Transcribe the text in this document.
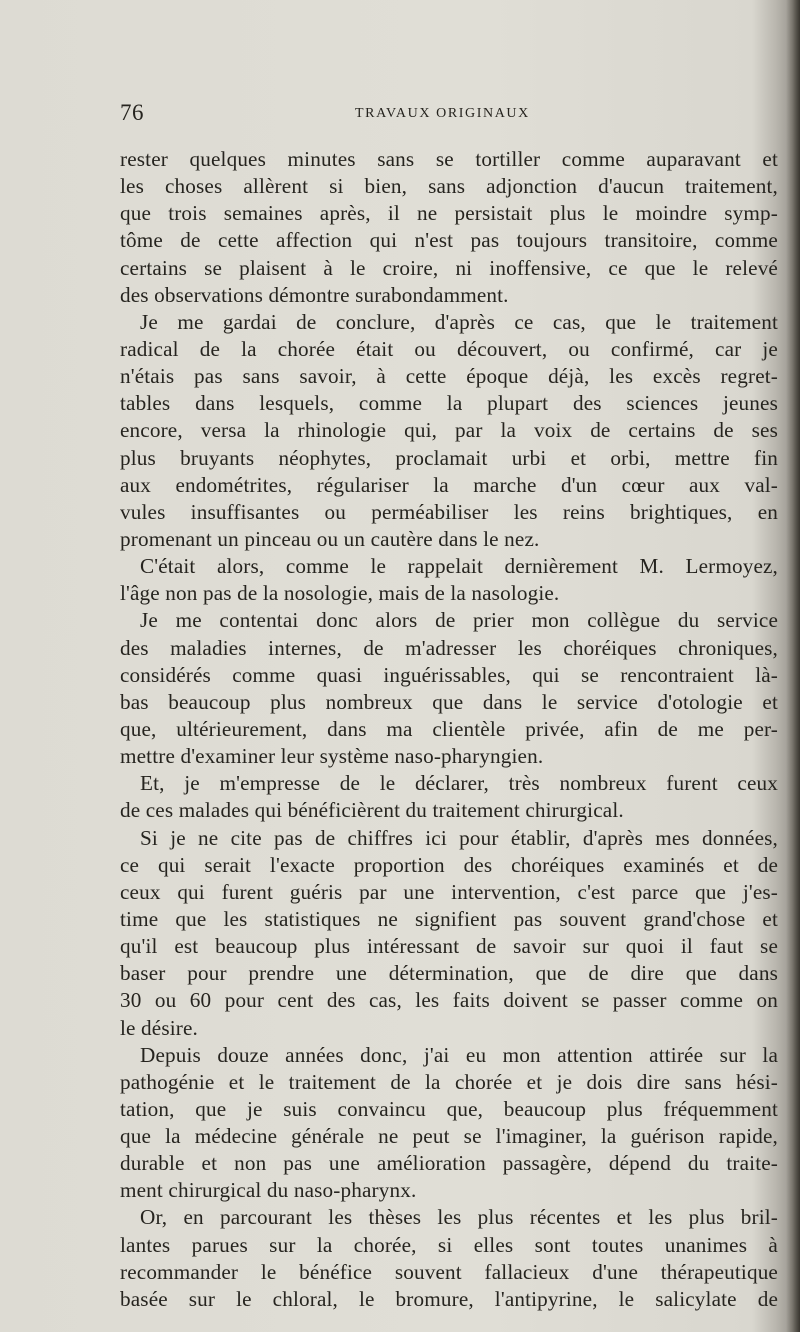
76	TRAVAUX ORIGINAUX
rester quelques minutes sans se tortiller comme auparavant et
les choses allèrent si bien, sans adjonction d'aucun traitement,
que trois semaines après, il ne persistait plus le moindre symp-
tôme de cette affection qui n'est pas toujours transitoire, comme
certains se plaisent à le croire, ni inoffensive, ce que le relevé
des observations démontre surabondamment.
Je me gardai de conclure, d'après ce cas, que le traitement
radical de la chorée était ou découvert, ou confirmé, car je
n'étais pas sans savoir, à cette époque déjà, les excès regret-
tables dans lesquels, comme la plupart des sciences jeunes
encore, versa la rhinologie qui, par la voix de certains de ses
plus bruyants néophytes, proclamait urbi et orbi, mettre fin
aux endométrites, régulariser la marche d'un cœur aux val-
vules insuffisantes ou perméabiliser les reins brightiques, en
promenant un pinceau ou un cautère dans le nez.
C'était alors, comme le rappelait dernièrement M. Lermoyez,
l'âge non pas de la nosologie, mais de la nasologie.
Je me contentai donc alors de prier mon collègue du service
des maladies internes, de m'adresser les choréiques chroniques,
considérés comme quasi inguérissables, qui se rencontraient là-
bas beaucoup plus nombreux que dans le service d'otologie et
que, ultérieurement, dans ma clientèle privée, afin de me per-
mettre d'examiner leur système naso-pharyngien.
Et, je m'empresse de le déclarer, très nombreux furent ceux
de ces malades qui bénéficièrent du traitement chirurgical.
Si je ne cite pas de chiffres ici pour établir, d'après mes données,
ce qui serait l'exacte proportion des choréiques examinés et de
ceux qui furent guéris par une intervention, c'est parce que j'es-
time que les statistiques ne signifient pas souvent grand'chose et
qu'il est beaucoup plus intéressant de savoir sur quoi il faut se
baser pour prendre une détermination, que de dire que dans
30 ou 60 pour cent des cas, les faits doivent se passer comme on
le désire.
Depuis douze années donc, j'ai eu mon attention attirée sur la
pathogénie et le traitement de la chorée et je dois dire sans hési-
tation, que je suis convaincu que, beaucoup plus fréquemment
que la médecine générale ne peut se l'imaginer, la guérison rapide,
durable et non pas une amélioration passagère, dépend du traite-
ment chirurgical du naso-pharynx.
Or, en parcourant les thèses les plus récentes et les plus bril-
lantes parues sur la chorée, si elles sont toutes unanimes à
recommander le bénéfice souvent fallacieux d'une thérapeutique
basée sur le chloral, le bromure, l'antipyrine, le salicylate de
